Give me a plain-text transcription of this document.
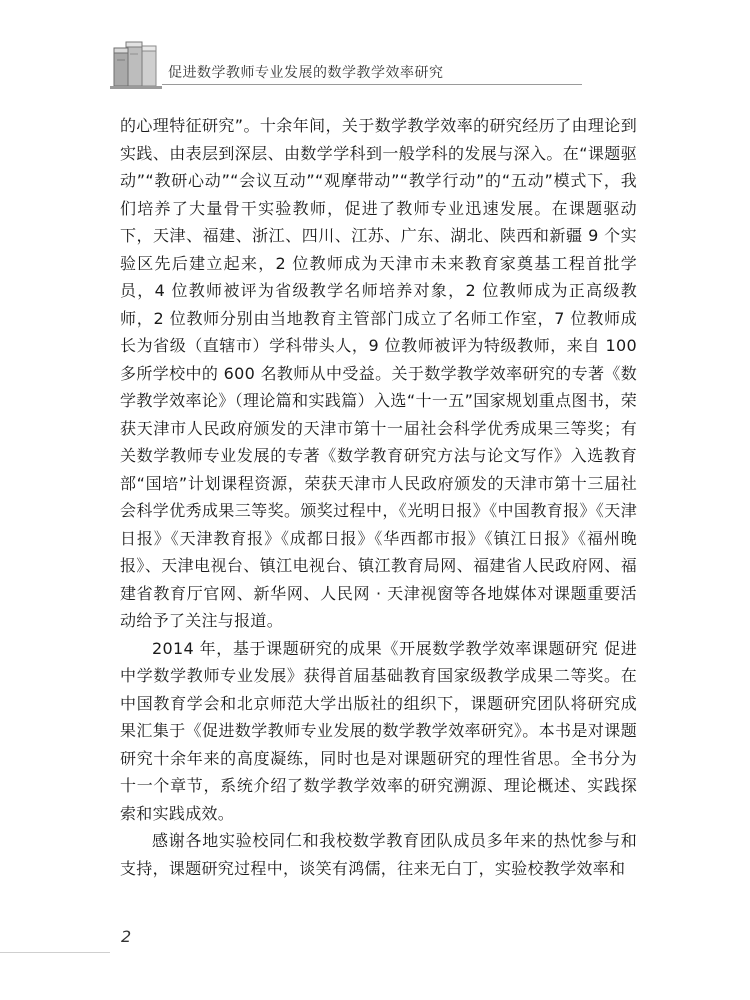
促进数学教师专业发展的数学教学效率研究

的心理特征研究”。十余年间，关于数学教学效率的研究经历了由理论到实践、由表层到深层、由数学学科到一般学科的发展与深入。在“课题驱动”“教研心动”“会议互动”“观摩带动”“教学行动”的“五动”模式下，我们培养了大量骨干实验教师，促进了教师专业迅速发展。在课题驱动下，天津、福建、浙江、四川、江苏、广东、湖北、陕西和新疆 9 个实验区先后建立起来，2 位教师成为天津市未来教育家奠基工程首批学员，4 位教师被评为省级教学名师培养对象，2 位教师成为正高级教师，2 位教师分别由当地教育主管部门成立了名师工作室，7 位教师成长为省级（直辖市）学科带头人，9 位教师被评为特级教师，来自 100 多所学校中的 600 名教师从中受益。关于数学教学效率研究的专著《数学教学效率论》（理论篇和实践篇）入选“十一五”国家规划重点图书，荣获天津市人民政府颁发的天津市第十一届社会科学优秀成果三等奖；有关数学教师专业发展的专著《数学教育研究方法与论文写作》入选教育部“国培”计划课程资源，荣获天津市人民政府颁发的天津市第十三届社会科学优秀成果三等奖。颁奖过程中，《光明日报》《中国教育报》《天津日报》《天津教育报》《成都日报》《华西都市报》《镇江日报》《福州晚报》、天津电视台、镇江电视台、镇江教育局网、福建省人民政府网、福建省教育厅官网、新华网、人民网 · 天津视窗等各地媒体对课题重要活动给予了关注与报道。

2014 年，基于课题研究的成果《开展数学教学效率课题研究 促进中学数学教师专业发展》获得首届基础教育国家级教学成果二等奖。在中国教育学会和北京师范大学出版社的组织下，课题研究团队将研究成果汇集于《促进数学教师专业发展的数学教学效率研究》。本书是对课题研究十余年来的高度凝练，同时也是对课题研究的理性省思。全书分为十一个章节，系统介绍了数学教学效率的研究溯源、理论概述、实践探索和实践成效。

感谢各地实验校同仁和我校数学教育团队成员多年来的热忱参与和支持，课题研究过程中，谈笑有鸿儒，往来无白丁，实验校教学效率和

2
